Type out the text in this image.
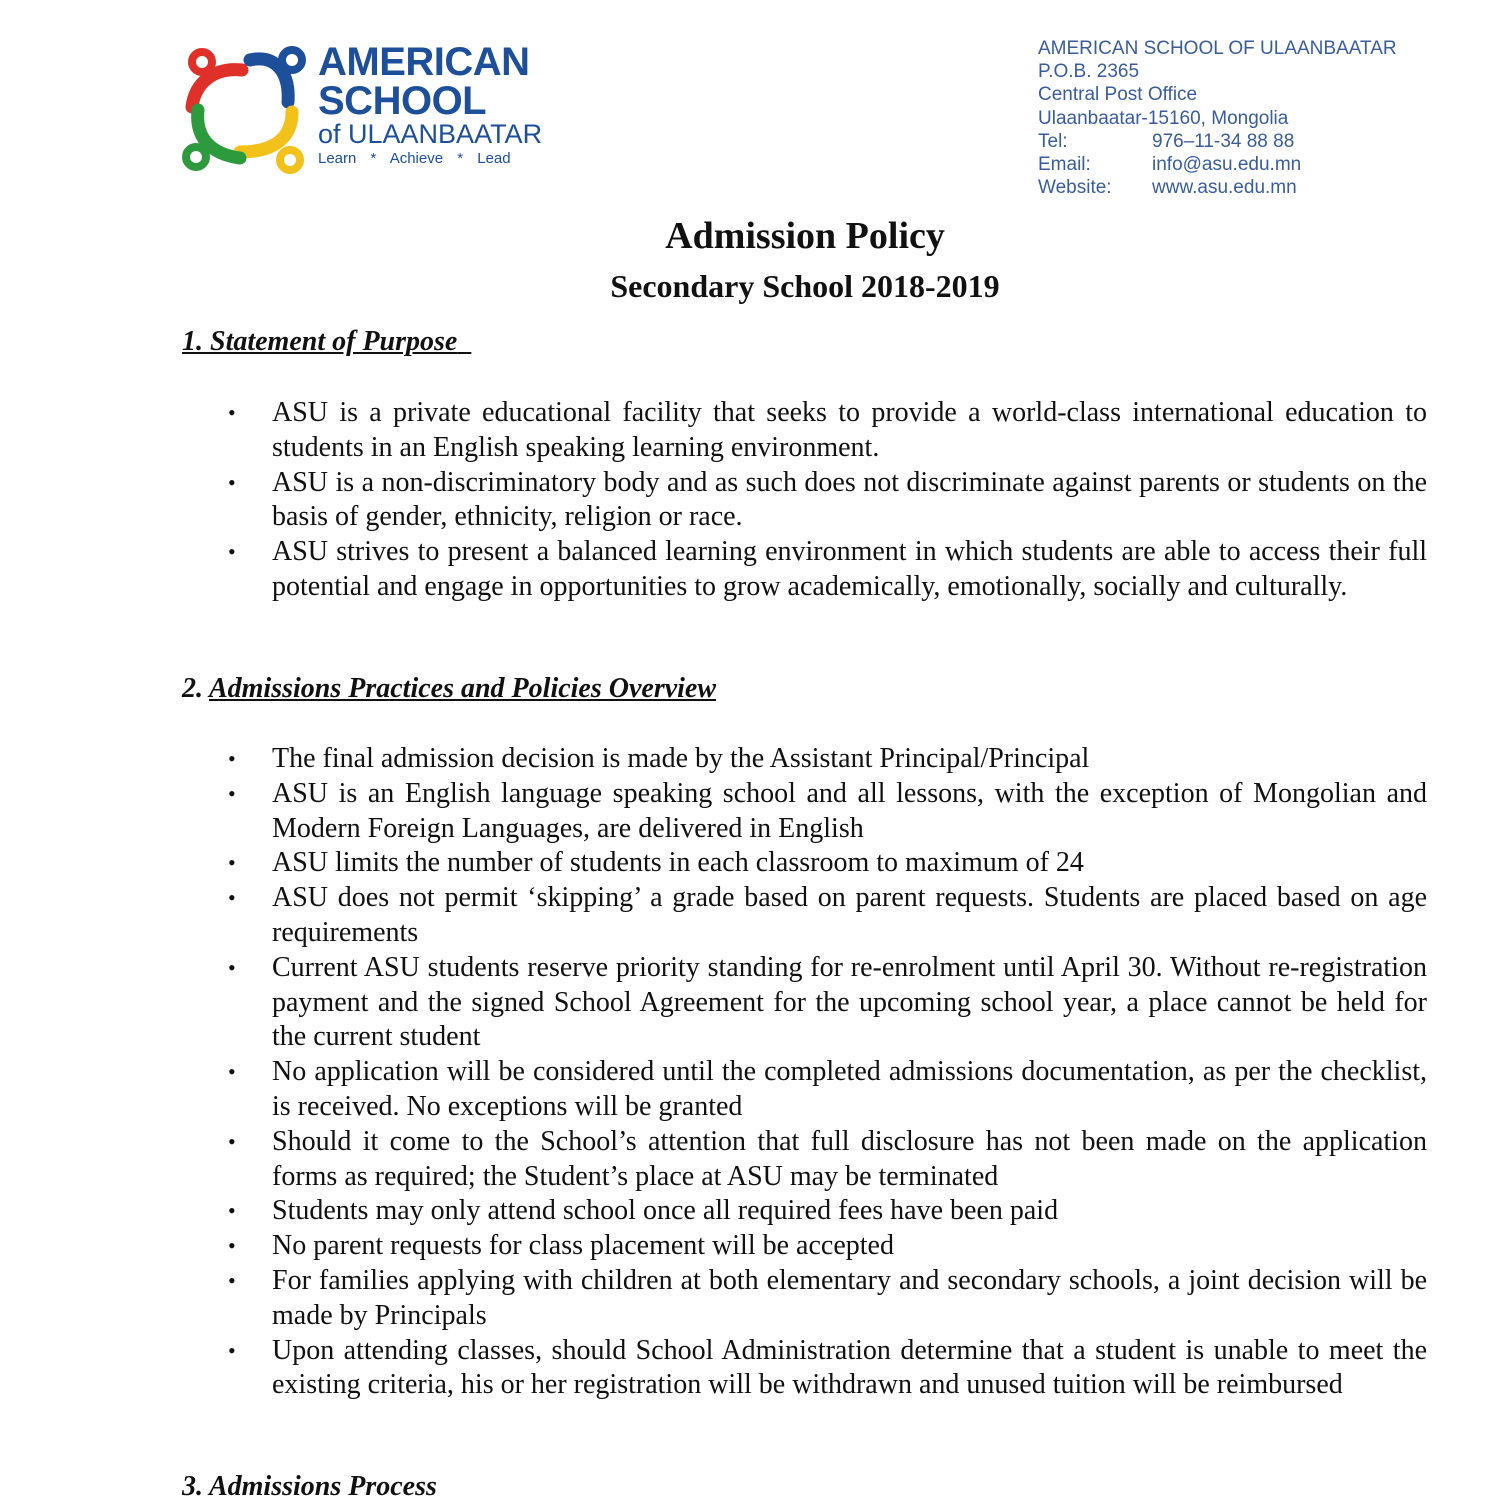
AMERICAN
SCHOOL
of ULAANBAATAR
Learn * Achieve * Lead
AMERICAN SCHOOL OF ULAANBAATAR
P.O.B. 2365
Central Post Office
Ulaanbaatar-15160, Mongolia
Tel:	976–11-34 88 88
Email:	info@asu.edu.mn
Website:	www.asu.edu.mn
Admission Policy
Secondary School 2018-2019
1. Statement of Purpose
• ASU is a private educational facility that seeks to provide a world-class international education to students in an English speaking learning environment.
• ASU is a non-discriminatory body and as such does not discriminate against parents or students on the basis of gender, ethnicity, religion or race.
• ASU strives to present a balanced learning environment in which students are able to access their full potential and engage in opportunities to grow academically, emotionally, socially and culturally.
2. Admissions Practices and Policies Overview
• The final admission decision is made by the Assistant Principal/Principal
• ASU is an English language speaking school and all lessons, with the exception of Mongolian and Modern Foreign Languages, are delivered in English
• ASU limits the number of students in each classroom to maximum of 24
• ASU does not permit ‘skipping’ a grade based on parent requests. Students are placed based on age requirements
• Current ASU students reserve priority standing for re-enrolment until April 30. Without re-registration payment and the signed School Agreement for the upcoming school year, a place cannot be held for the current student
• No application will be considered until the completed admissions documentation, as per the checklist, is received. No exceptions will be granted
• Should it come to the School’s attention that full disclosure has not been made on the application forms as required; the Student’s place at ASU may be terminated
• Students may only attend school once all required fees have been paid
• No parent requests for class placement will be accepted
• For families applying with children at both elementary and secondary schools, a joint decision will be made by Principals
• Upon attending classes, should School Administration determine that a student is unable to meet the existing criteria, his or her registration will be withdrawn and unused tuition will be reimbursed
3. Admissions Process
